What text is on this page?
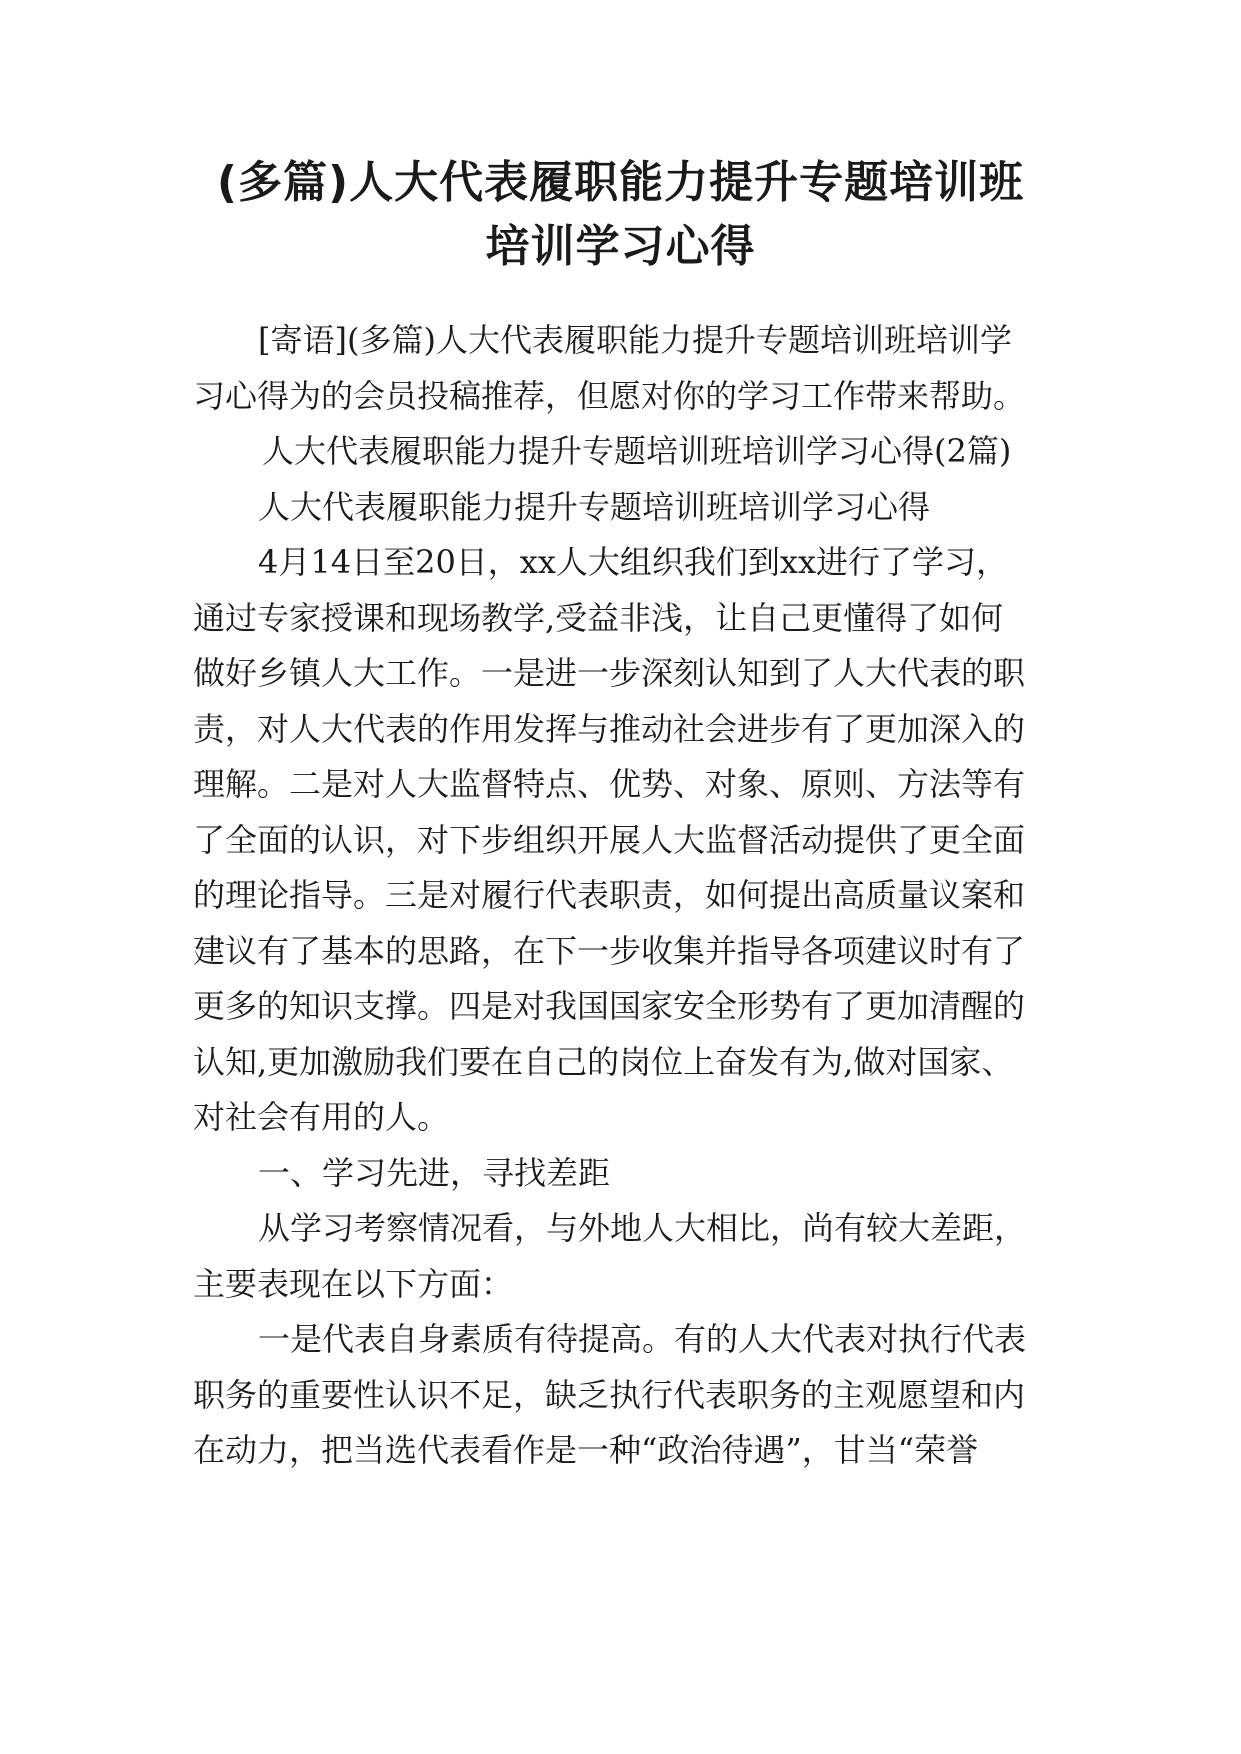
(多篇)人大代表履职能力提升专题培训班
培训学习心得

[寄语](多篇)人大代表履职能力提升专题培训班培训学

习心得为的会员投稿推荐，但愿对你的学习工作带来帮助。

人大代表履职能力提升专题培训班培训学习心得(2篇)

人大代表履职能力提升专题培训班培训学习心得

4月14日至20日，xx人大组织我们到xx进行了学习，

通过专家授课和现场教学,受益非浅，让自己更懂得了如何

做好乡镇人大工作。一是进一步深刻认知到了人大代表的职

责，对人大代表的作用发挥与推动社会进步有了更加深入的

理解。二是对人大监督特点、优势、对象、原则、方法等有

了全面的认识，对下步组织开展人大监督活动提供了更全面

的理论指导。三是对履行代表职责，如何提出高质量议案和

建议有了基本的思路，在下一步收集并指导各项建议时有了

更多的知识支撑。四是对我国国家安全形势有了更加清醒的

认知,更加激励我们要在自己的岗位上奋发有为,做对国家、

对社会有用的人。

一、学习先进，寻找差距

从学习考察情况看，与外地人大相比，尚有较大差距，

主要表现在以下方面：

一是代表自身素质有待提高。有的人大代表对执行代表

职务的重要性认识不足，缺乏执行代表职务的主观愿望和内

在动力，把当选代表看作是一种“政治待遇”，甘当“荣誉
